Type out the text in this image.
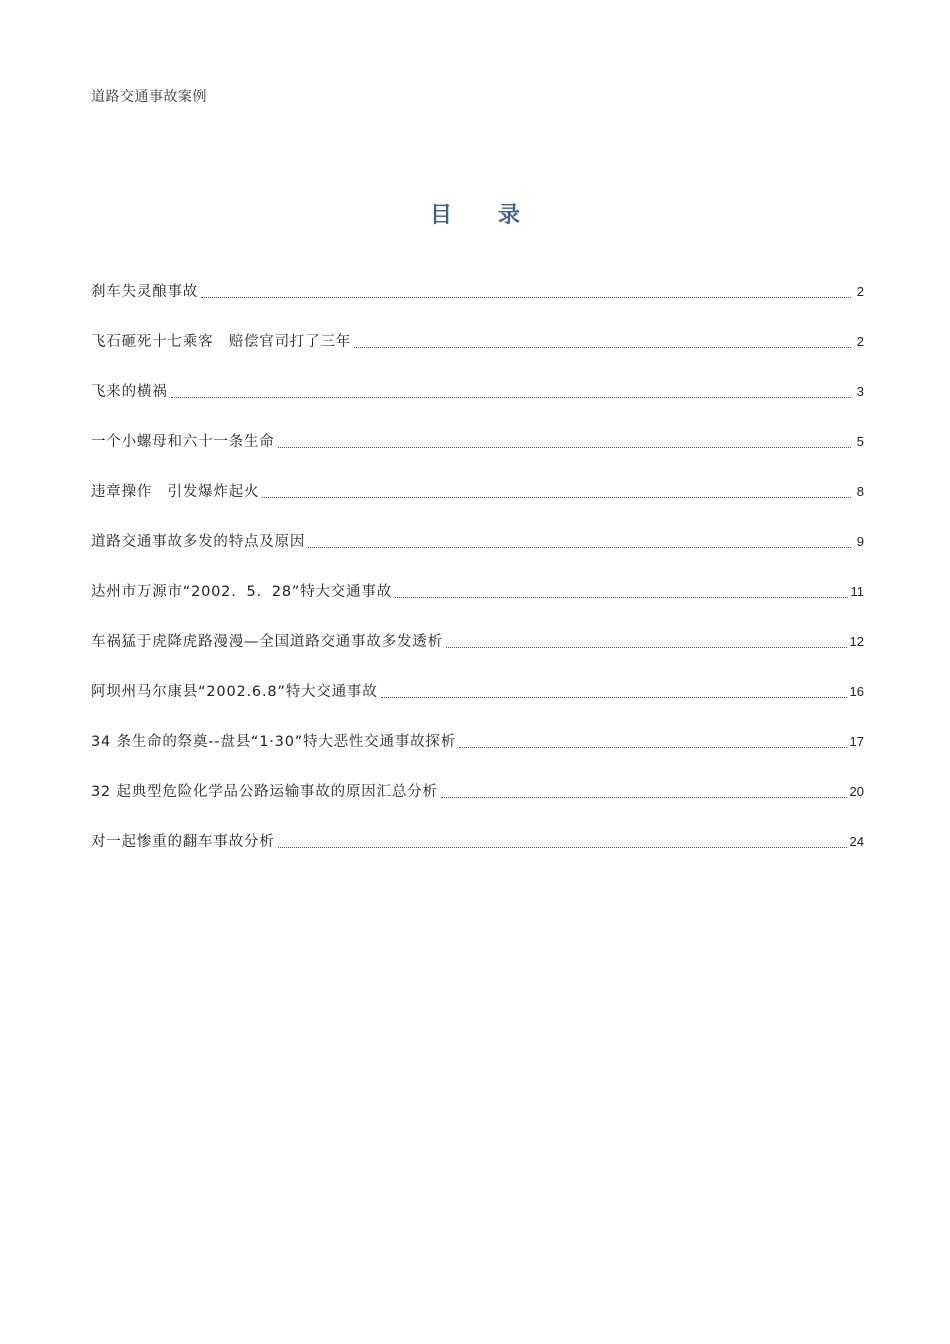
道路交通事故案例
目 录
刹车失灵酿事故	2
飞石砸死十七乘客　赔偿官司打了三年	2
飞来的横祸	3
一个小螺母和六十一条生命	5
违章操作　引发爆炸起火	8
道路交通事故多发的特点及原因	9
达州市万源市“2002．5．28”特大交通事故	11
车祸猛于虎降虎路漫漫—全国道路交通事故多发透析	12
阿坝州马尔康县“2002.6.8”特大交通事故	16
34 条生命的祭奠--盘县“1·30”特大恶性交通事故探析	17
32 起典型危险化学品公路运输事故的原因汇总分析	20
对一起惨重的翻车事故分析	24
